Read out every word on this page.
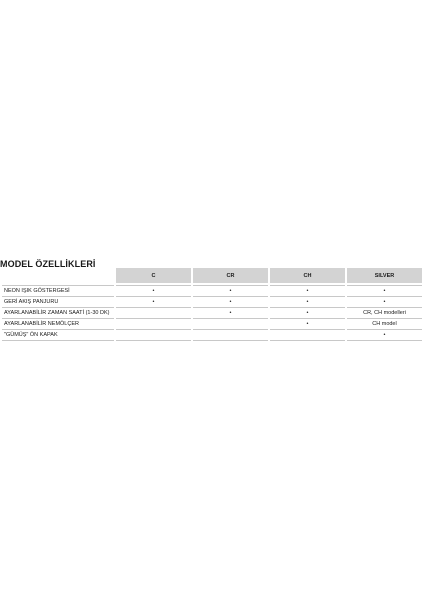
MODEL ÖZELLİKLERİ
	C	CR	CH	SILVER

NEON IŞIK GÖSTERGESİ	•	•	•	•
GERİ AKIŞ PANJURU	•	•	•	•
AYARLANABİLİR ZAMAN SAATİ (1-30 DK)		•	•	CR, CH modelleri
AYARLANABİLİR NEMÖLÇER			•	CH model
"GÜMÜŞ" ÖN KAPAK				•
